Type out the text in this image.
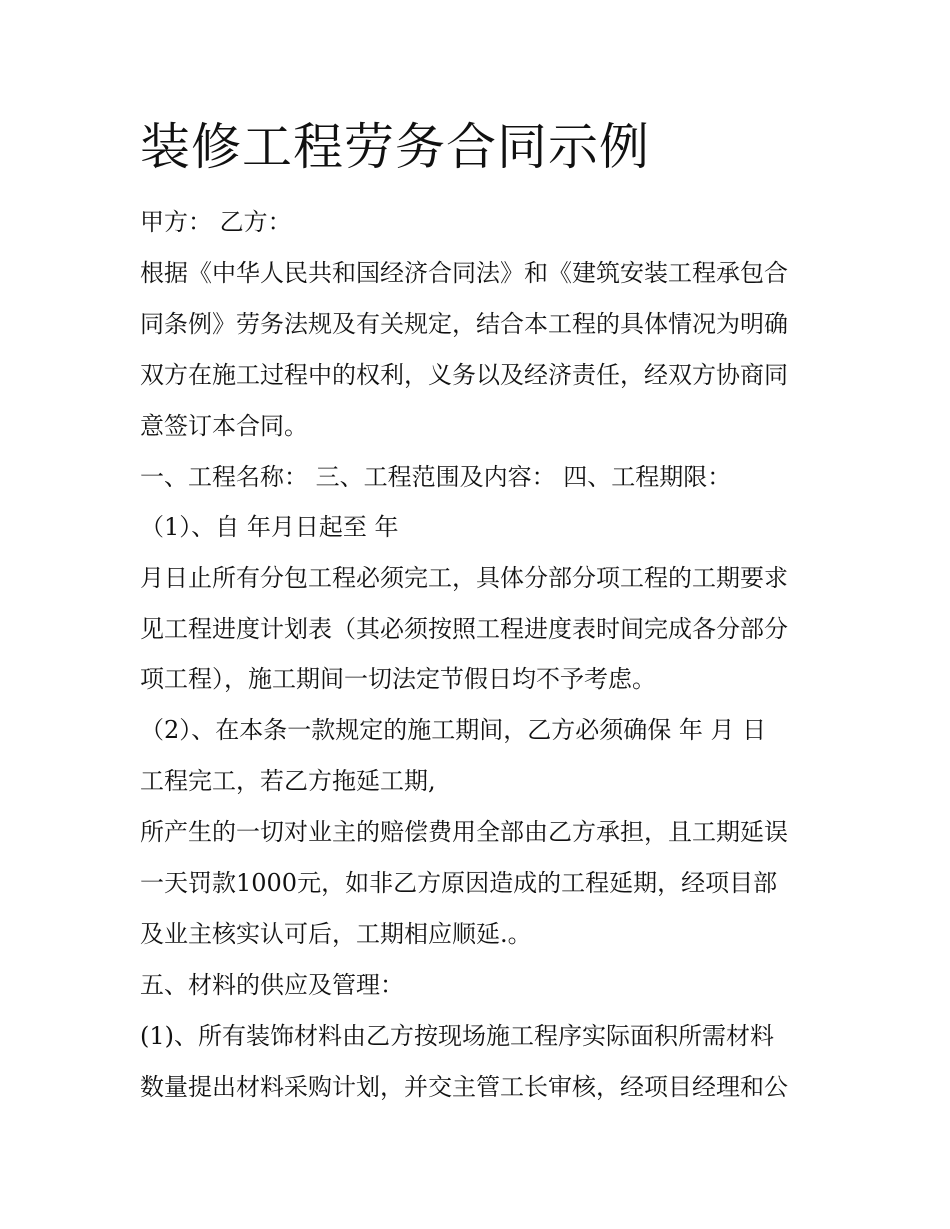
装修工程劳务合同示例

甲方： 乙方：

根据《中华人民共和国经济合同法》和《建筑安装工程承包合

同条例》劳务法规及有关规定，结合本工程的具体情况为明确

双方在施工过程中的权利，义务以及经济责任，经双方协商同

意签订本合同。

一、工程名称： 三、工程范围及内容： 四、工程期限：

（1）、自 年月日起至 年

月日止所有分包工程必须完工，具体分部分项工程的工期要求

见工程进度计划表（其必须按照工程进度表时间完成各分部分

项工程），施工期间一切法定节假日均不予考虑。

（2）、在本条一款规定的施工期间，乙方必须确保 年 月 日

工程完工，若乙方拖延工期,

所产生的一切对业主的赔偿费用全部由乙方承担，且工期延误

一天罚款1000元，如非乙方原因造成的工程延期，经项目部

及业主核实认可后，工期相应顺延.。

五、材料的供应及管理：

(1)、所有装饰材料由乙方按现场施工程序实际面积所需材料

数量提出材料采购计划，并交主管工长审核，经项目经理和公
